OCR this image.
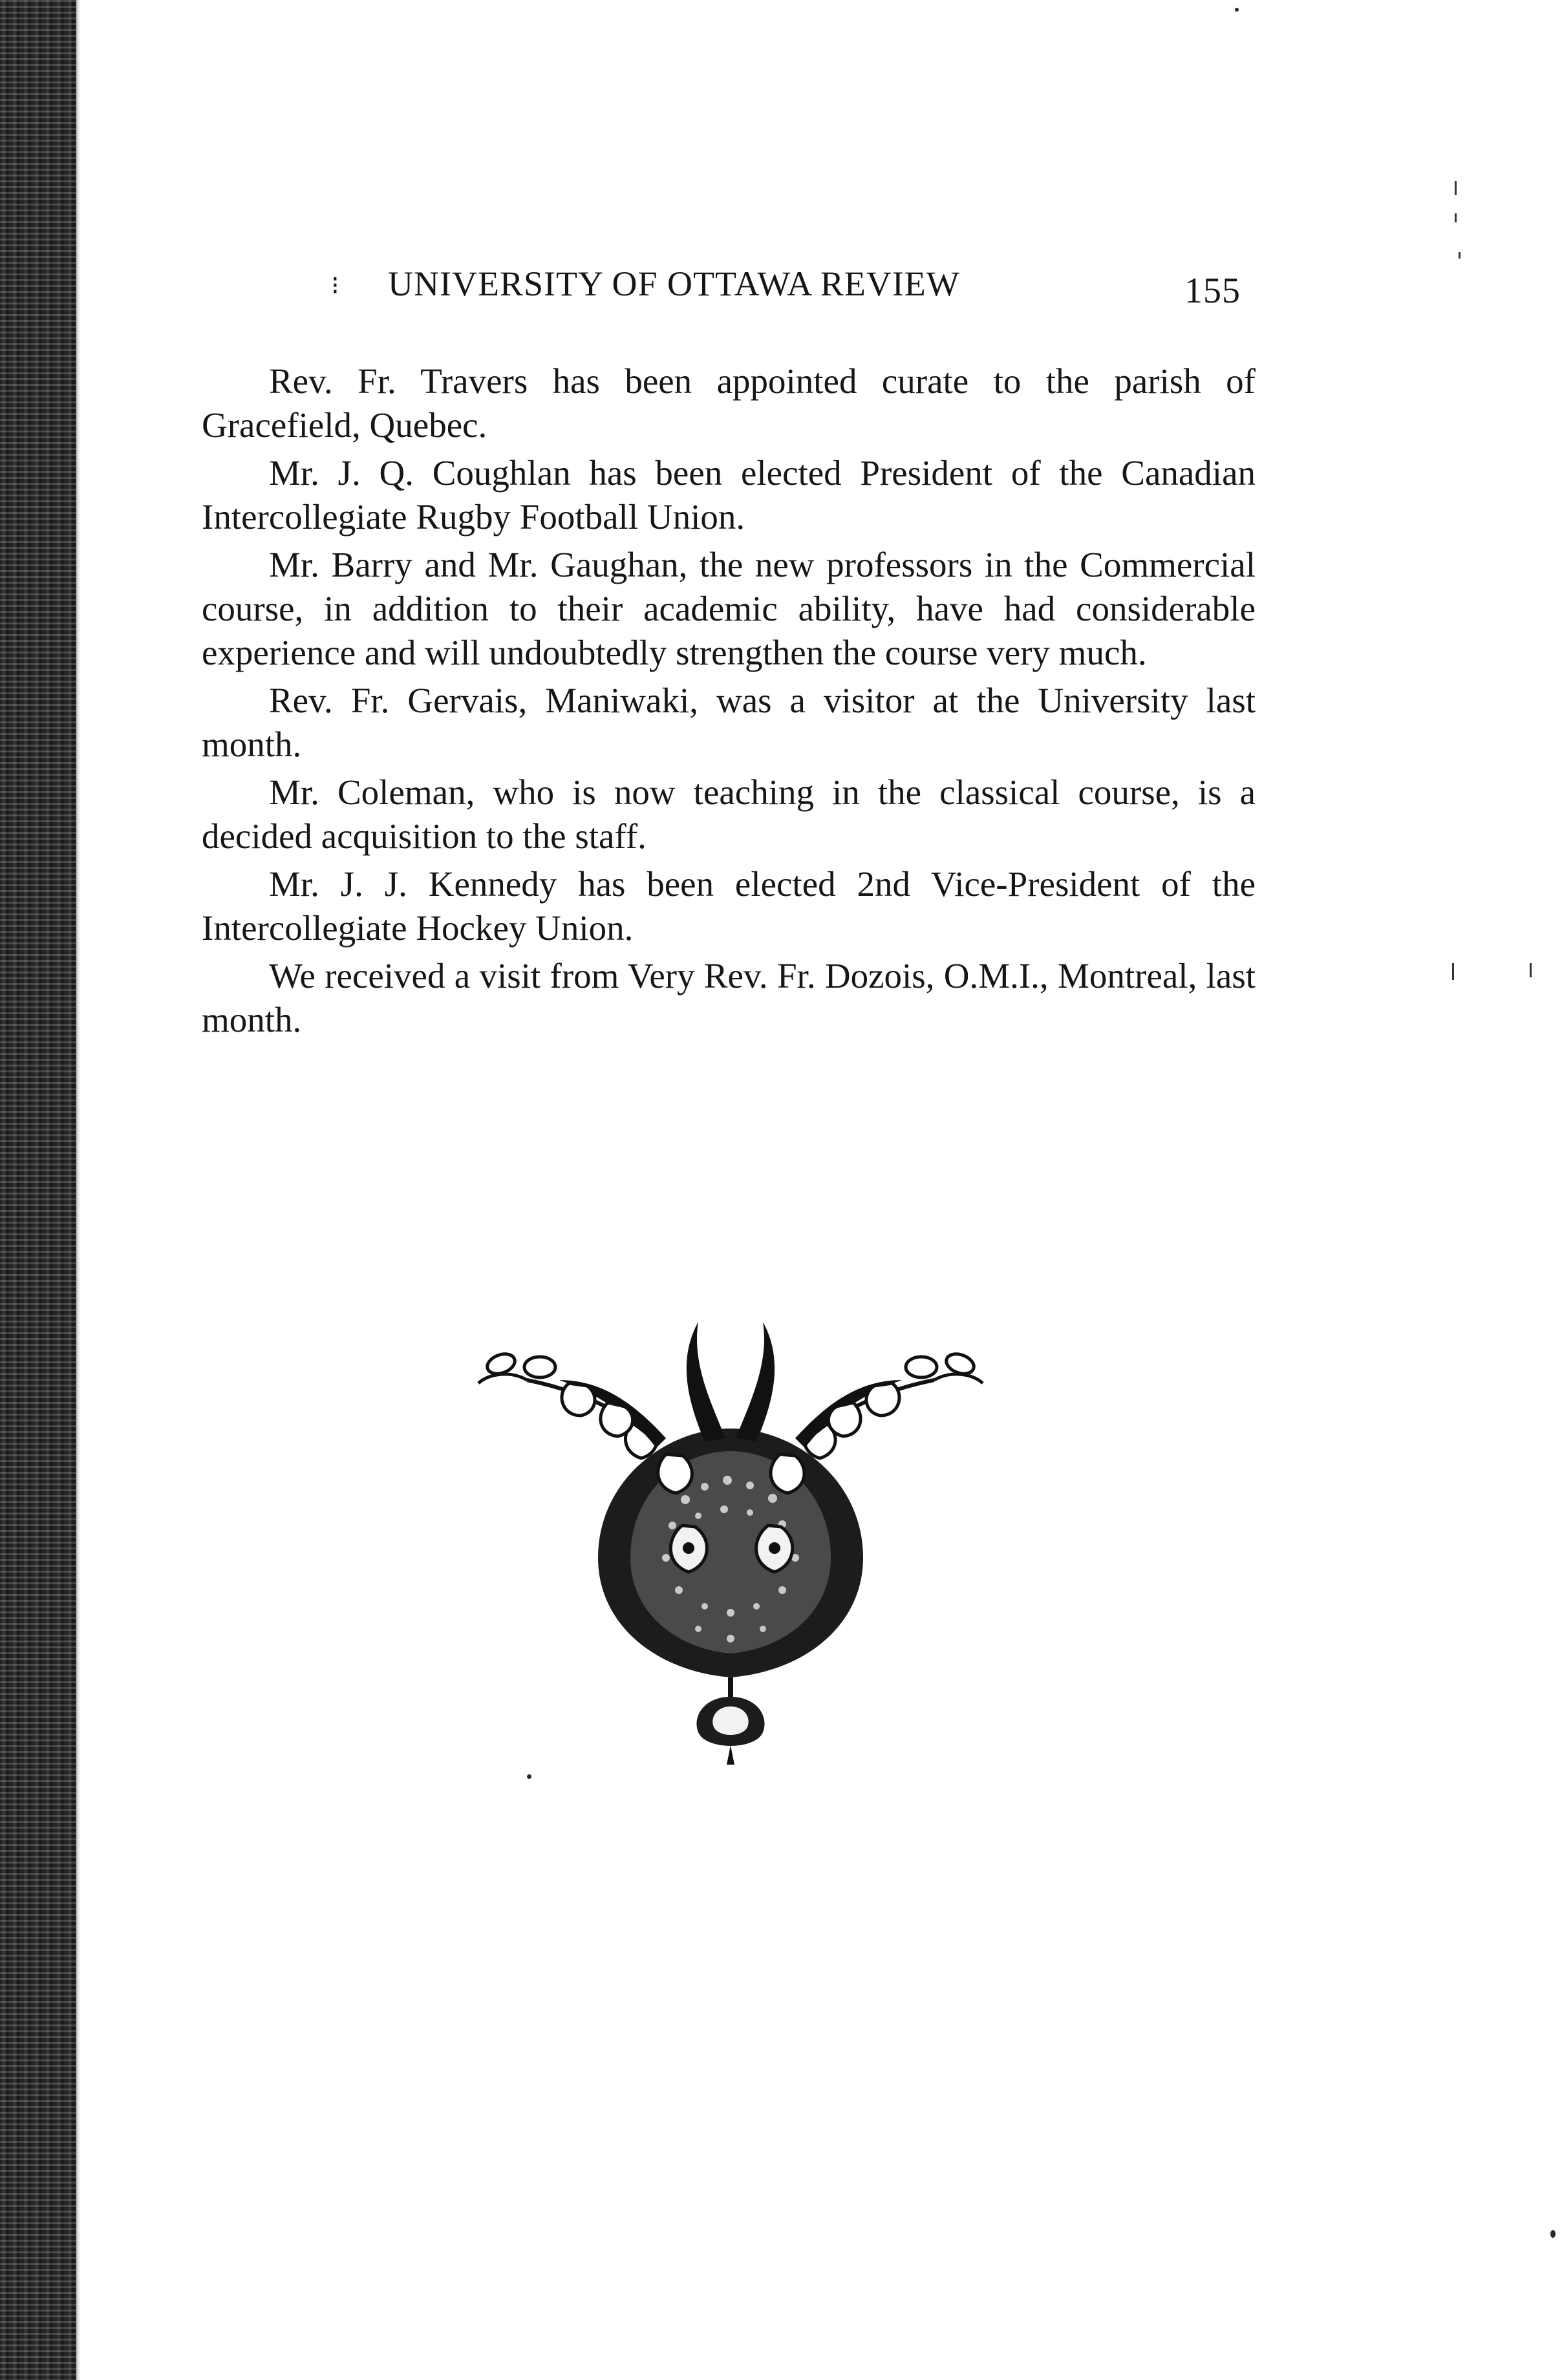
⁝ UNIVERSITY OF OTTAWA REVIEW	155

Rev. Fr. Travers has been appointed curate to the parish of Gracefield, Quebec.

Mr. J. Q. Coughlan has been elected President of the Canadian Intercollegiate Rugby Football Union.

Mr. Barry and Mr. Gaughan, the new professors in the Commercial course, in addition to their academic ability, have had considerable experience and will undoubtedly strengthen the course very much.

Rev. Fr. Gervais, Maniwaki, was a visitor at the University last month.

Mr. Coleman, who is now teaching in the classical course, is a decided acquisition to the staff.

Mr. J. J. Kennedy has been elected 2nd Vice-President of the Intercollegiate Hockey Union.

We received a visit from Very Rev. Fr. Dozois, O.M.I., Montreal, last month.
